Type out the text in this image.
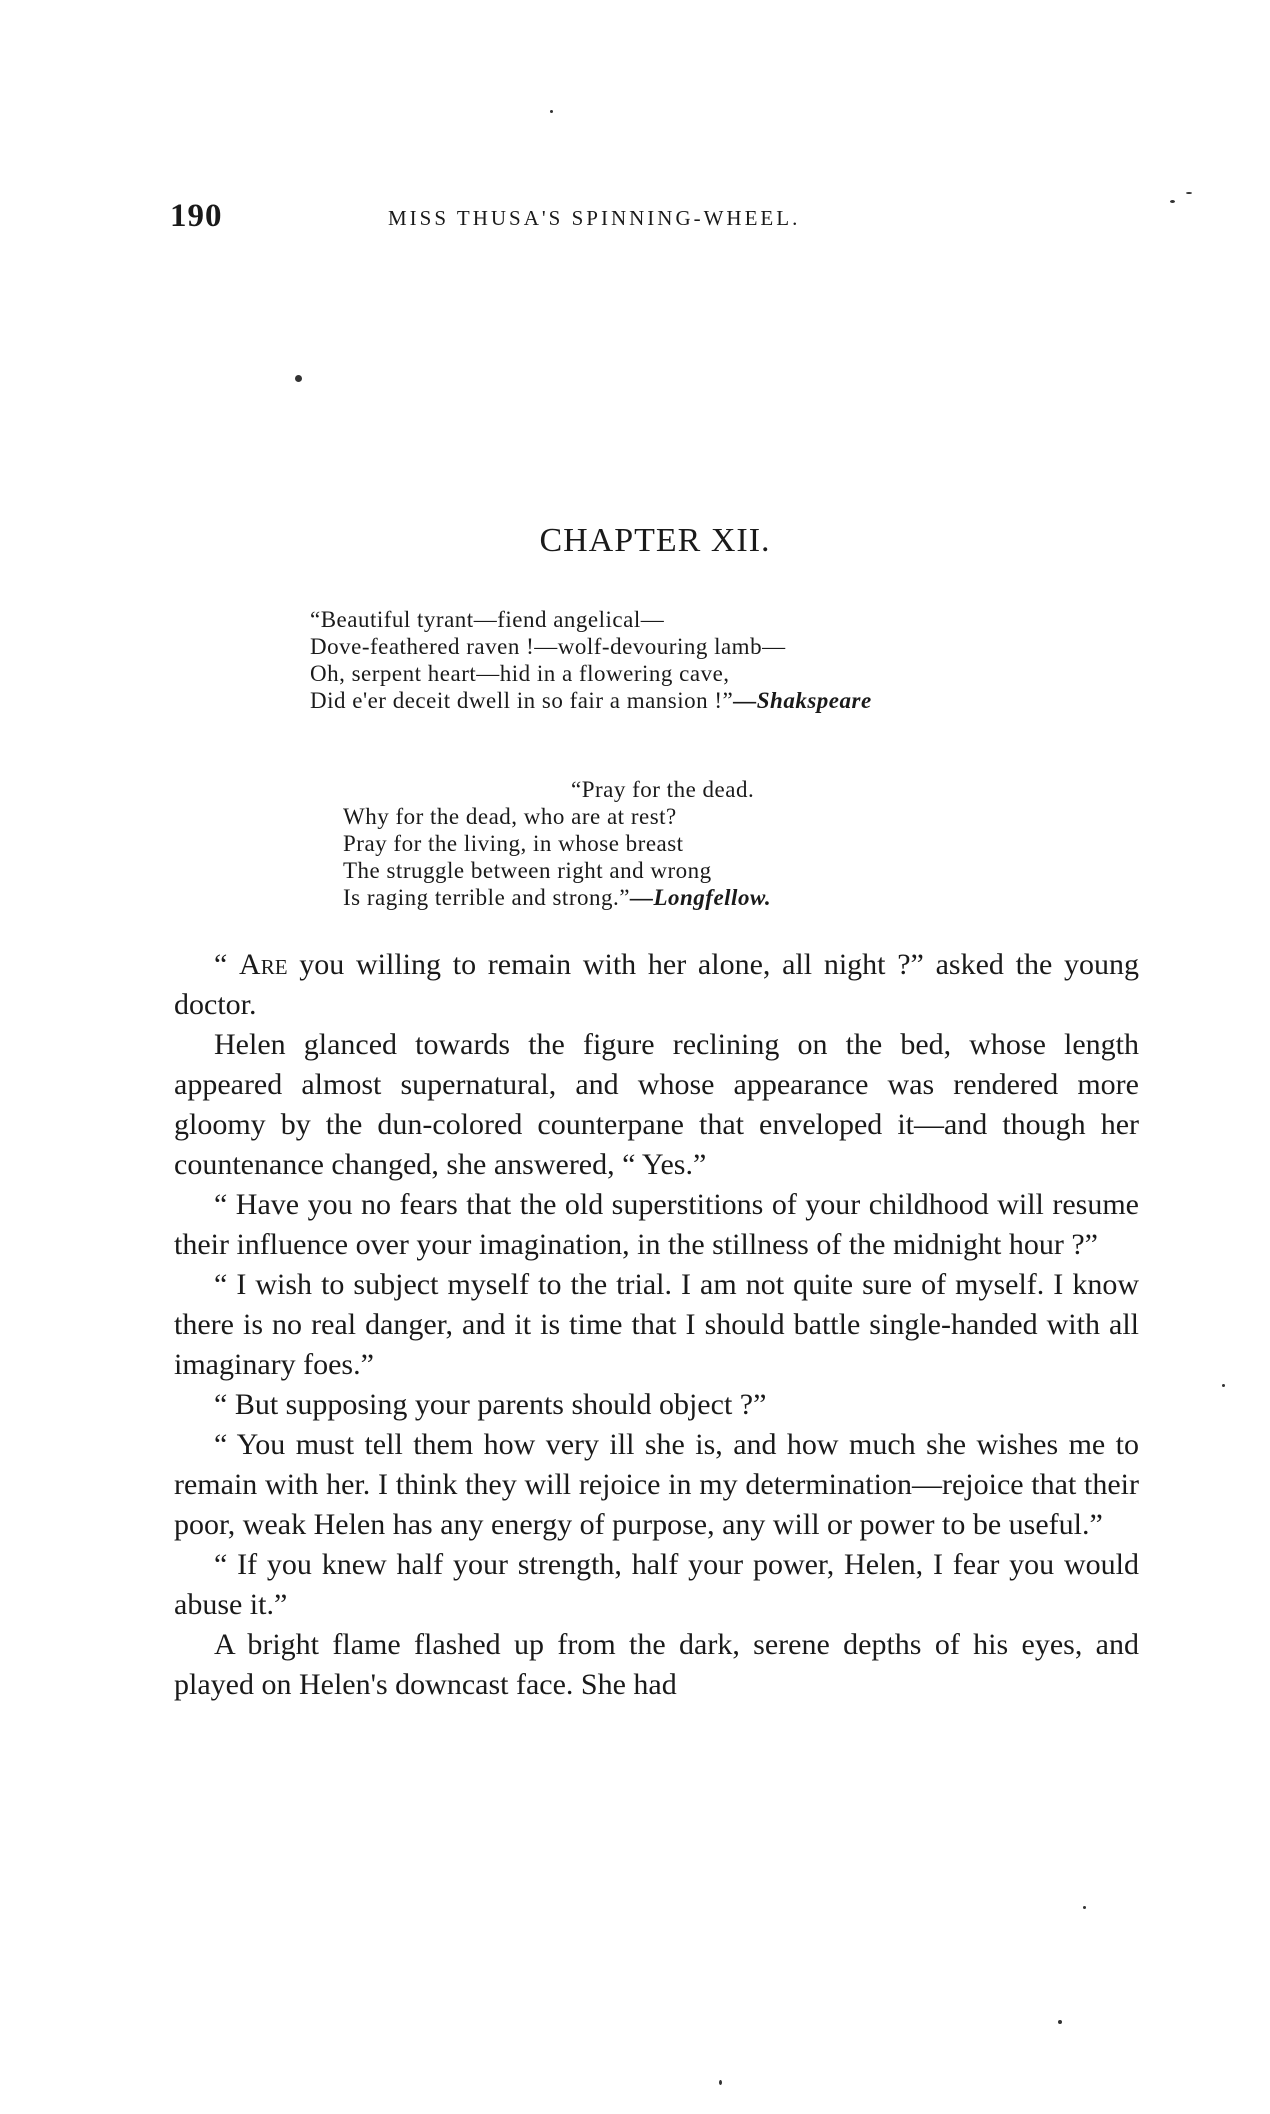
190	MISS THUSA'S SPINNING-WHEEL.
CHAPTER XII.
“Beautiful tyrant—fiend angelical—
Dove-feathered raven !—wolf-devouring lamb—
Oh, serpent heart—hid in a flowering cave,
Did e'er deceit dwell in so fair a mansion !”—Shakspeare
“Pray for the dead.
Why for the dead, who are at rest?
Pray for the living, in whose breast
The struggle between right and wrong
Is raging terrible and strong.”—Longfellow.

“ Are you willing to remain with her alone, all night ?” asked the young doctor.

Helen glanced towards the figure reclining on the bed, whose length appeared almost supernatural, and whose appearance was rendered more gloomy by the dun-colored counterpane that enveloped it—and though her countenance changed, she answered, “ Yes.”

“ Have you no fears that the old superstitions of your childhood will resume their influence over your imagination, in the stillness of the midnight hour ?”

“ I wish to subject myself to the trial. I am not quite sure of myself. I know there is no real danger, and it is time that I should battle single-handed with all imaginary foes.”

“ But supposing your parents should object ?”

“ You must tell them how very ill she is, and how much she wishes me to remain with her. I think they will rejoice in my determination—rejoice that their poor, weak Helen has any energy of purpose, any will or power to be useful.”

“ If you knew half your strength, half your power, Helen, I fear you would abuse it.”

A bright flame flashed up from the dark, serene depths of his eyes, and played on Helen's downcast face. She had
